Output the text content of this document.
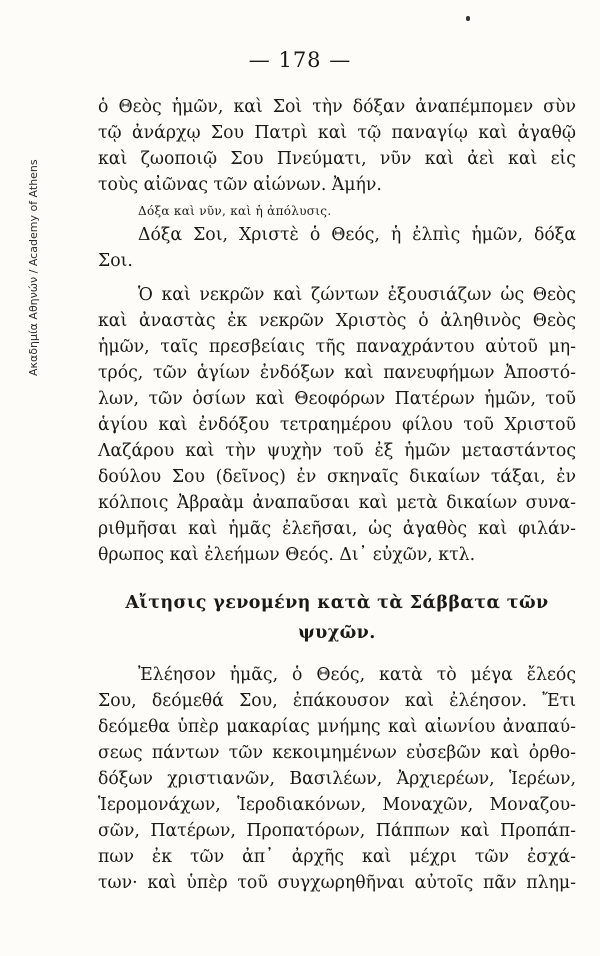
Ακαδημία Αθηνών / Academy of Athens
— 178 —
ὁ Θεὸς ἡμῶν, καὶ Σοὶ τὴν δόξαν ἀναπέμπομεν σὺν
τῷ ἀνάρχῳ Σου Πατρὶ καὶ τῷ παναγίῳ καὶ ἀγαθῷ
καὶ ζωοποιῷ Σου Πνεύματι, νῦν καὶ ἀεὶ καὶ εἰς
τοὺς αἰῶνας τῶν αἰώνων. Ἀμήν.
Δόξα καὶ νῦν, καὶ ἡ ἀπόλυσις.
Δόξα Σοι, Χριστὲ ὁ Θεός, ἡ ἐλπὶς ἡμῶν, δόξα
Σοι.
Ὁ καὶ νεκρῶν καὶ ζώντων ἐξουσιάζων ὡς Θεὸς
καὶ ἀναστὰς ἐκ νεκρῶν Χριστὸς ὁ ἀληθινὸς Θεὸς
ἡμῶν, ταῖς πρεσβείαις τῆς παναχράντου αὐτοῦ μη-
τρός, τῶν ἁγίων ἐνδόξων καὶ πανευφήμων Ἀποστό-
λων, τῶν ὁσίων καὶ Θεοφόρων Πατέρων ἡμῶν, τοῦ
ἁγίου καὶ ἐνδόξου τετραημέρου φίλου τοῦ Χριστοῦ
Λαζάρου καὶ τὴν ψυχὴν τοῦ ἐξ ἡμῶν μεταστάντος
δούλου Σου (δεῖνος) ἐν σκηναῖς δικαίων τάξαι, ἐν
κόλποις Ἀβραὰμ ἀναπαῦσαι καὶ μετὰ δικαίων συνα-
ριθμῆσαι καὶ ἡμᾶς ἐλεῆσαι, ὡς ἀγαθὸς καὶ φιλάν-
θρωπος καὶ ἐλεήμων Θεός. Δι᾿ εὐχῶν, κτλ.
Αἴτησις γενομένη κατὰ τὰ Σάββατα τῶν
ψυχῶν.
Ἐλέησον ἡμᾶς, ὁ Θεός, κατὰ τὸ μέγα ἔλεός
Σου, δεόμεθά Σου, ἐπάκουσον καὶ ἐλέησον. Ἔτι
δεόμεθα ὑπὲρ μακαρίας μνήμης καὶ αἰωνίου ἀναπαύ-
σεως πάντων τῶν κεκοιμημένων εὐσεβῶν καὶ ὀρθο-
δόξων χριστιανῶν, Βασιλέων, Ἀρχιερέων, Ἱερέων,
Ἱερομονάχων, Ἱεροδιακόνων, Μοναχῶν, Μοναζου-
σῶν, Πατέρων, Προπατόρων, Πάππων καὶ Προπάπ-
πων ἐκ τῶν ἀπ᾿ ἀρχῆς καὶ μέχρι τῶν ἐσχά-
των· καὶ ὑπὲρ τοῦ συγχωρηθῆναι αὐτοῖς πᾶν πλημ-
